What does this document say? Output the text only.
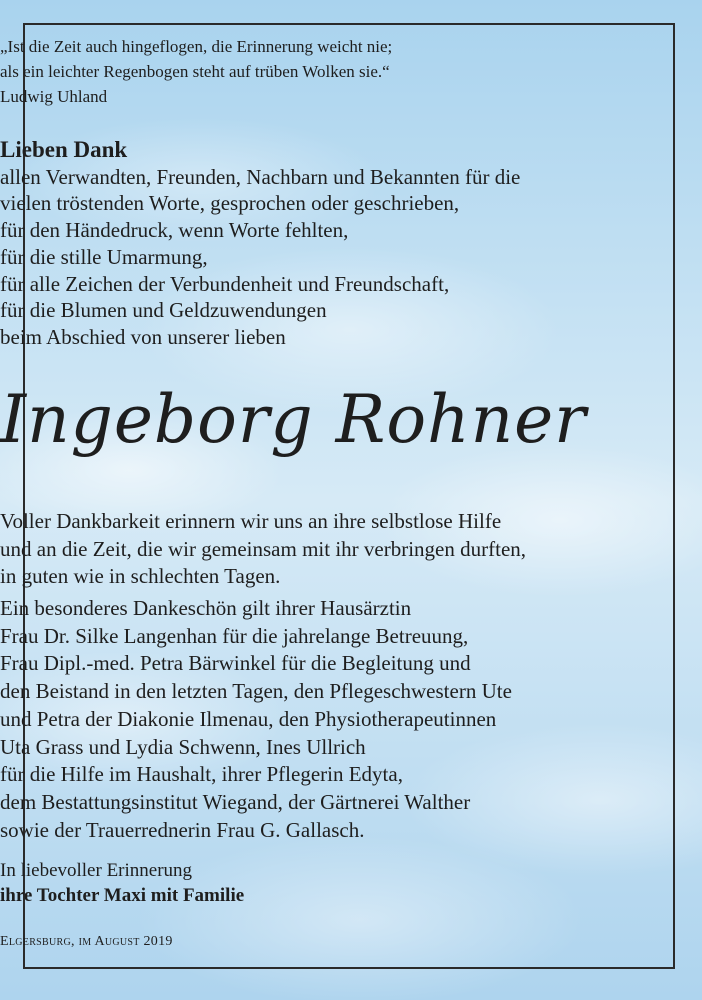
„Ist die Zeit auch hingeflogen, die Erinnerung weicht nie;
als ein leichter Regenbogen steht auf trüben Wolken sie.“
Ludwig Uhland
Lieben Dank
allen Verwandten, Freunden, Nachbarn und Bekannten für die
vielen tröstenden Worte, gesprochen oder geschrieben,
für den Händedruck, wenn Worte fehlten,
für die stille Umarmung,
für alle Zeichen der Verbundenheit und Freundschaft,
für die Blumen und Geldzuwendungen
beim Abschied von unserer lieben
Ingeborg Rohner
Voller Dankbarkeit erinnern wir uns an ihre selbstlose Hilfe
und an die Zeit, die wir gemeinsam mit ihr verbringen durften,
in guten wie in schlechten Tagen.
Ein besonderes Dankeschön gilt ihrer Hausärztin
Frau Dr. Silke Langenhan für die jahrelange Betreuung,
Frau Dipl.-med. Petra Bärwinkel für die Begleitung und
den Beistand in den letzten Tagen, den Pflegeschwestern Ute
und Petra der Diakonie Ilmenau, den Physiotherapeutinnen
Uta Grass und Lydia Schwenn, Ines Ullrich
für die Hilfe im Haushalt, ihrer Pflegerin Edyta,
dem Bestattungsinstitut Wiegand, der Gärtnerei Walther
sowie der Trauerrednerin Frau G. Gallasch.
In liebevoller Erinnerung
ihre Tochter Maxi mit Familie
Elgersburg, im August 2019
